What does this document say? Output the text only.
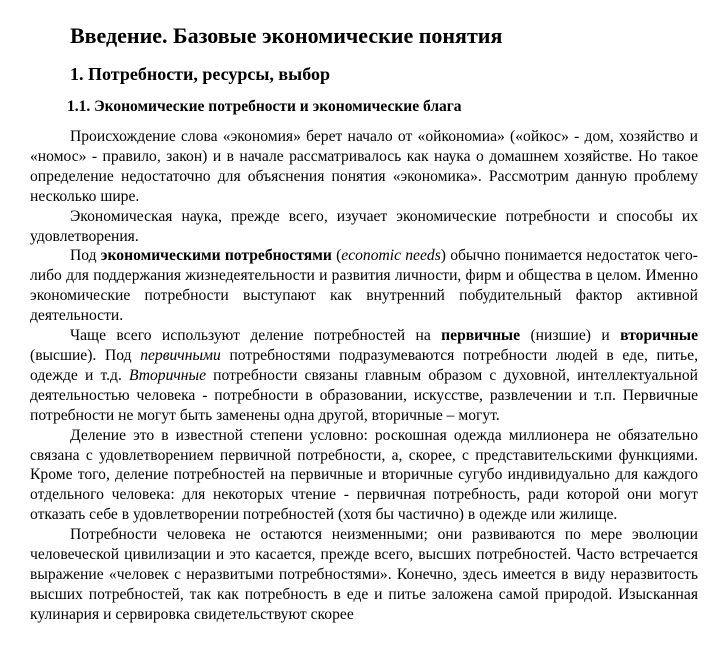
Введение. Базовые экономические понятия
1. Потребности, ресурсы, выбор
1.1. Экономические потребности и экономические блага

Происхождение слова «экономия» берет начало от «ойкономиа» («ойкос» - дом, хозяйство и «номос» - правило, закон) и в начале рассматривалось как наука о домашнем хозяйстве. Но такое определение недостаточно для объяснения понятия «экономика». Рассмотрим данную проблему несколько шире.

Экономическая наука, прежде всего, изучает экономические потребности и способы их удовлетворения.

Под экономическими потребностями (economic needs) обычно понимается недостаток чего-либо для поддержания жизнедеятельности и развития личности, фирм и общества в целом. Именно экономические потребности выступают как внутренний побудительный фактор активной деятельности.

Чаще всего используют деление потребностей на первичные (низшие) и вторичные (высшие). Под первичными потребностями подразумеваются потребности людей в еде, питье, одежде и т.д. Вторичные потребности связаны главным образом с духовной, интеллектуальной деятельностью человека - потребности в образовании, искусстве, развлечении и т.п. Первичные потребности не могут быть заменены одна другой, вторичные – могут.

Деление это в известной степени условно: роскошная одежда миллионера не обязательно связана с удовлетворением первичной потребности, а, скорее, с представительскими функциями. Кроме того, деление потребностей на первичные и вторичные сугубо индивидуально для каждого отдельного человека: для некоторых чтение - первичная потребность, ради которой они могут отказать себе в удовлетворении потребностей (хотя бы частично) в одежде или жилище.

Потребности человека не остаются неизменными; они развиваются по мере эволюции человеческой цивилизации и это касается, прежде всего, высших потребностей. Часто встречается выражение «человек с неразвитыми потребностями». Конечно, здесь имеется в виду неразвитость высших потребностей, так как потребность в еде и питье заложена самой природой. Изысканная кулинария и сервировка свидетельствуют скорее
